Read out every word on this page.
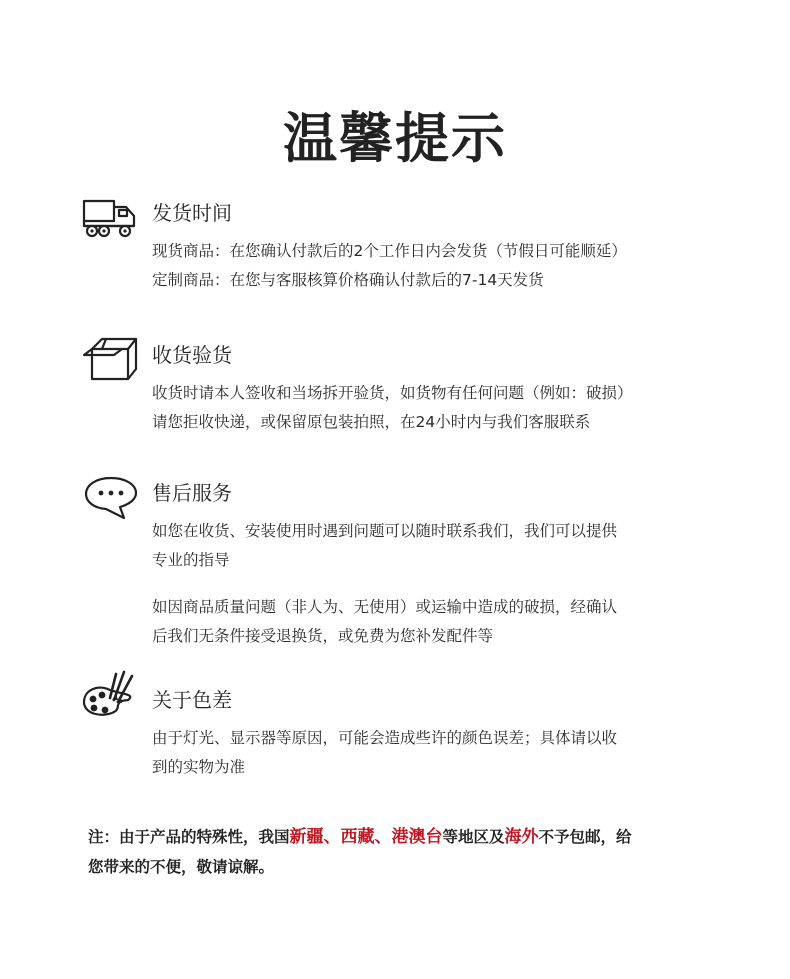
温馨提示
发货时间

现货商品：在您确认付款后的2个工作日内会发货（节假日可能顺延）

定制商品：在您与客服核算价格确认付款后的7-14天发货

收货验货

收货时请本人签收和当场拆开验货，如货物有任何问题（例如：破损）

请您拒收快递，或保留原包装拍照，在24小时内与我们客服联系

售后服务

如您在收货、安装使用时遇到问题可以随时联系我们，我们可以提供

专业的指导

如因商品质量问题（非人为、无使用）或运输中造成的破损，经确认

后我们无条件接受退换货，或免费为您补发配件等

关于色差

由于灯光、显示器等原因，可能会造成些许的颜色误差；具体请以收

到的实物为准

注：由于产品的特殊性，我国新疆、西藏、港澳台等地区及海外不予包邮，给
您带来的不便，敬请谅解。
